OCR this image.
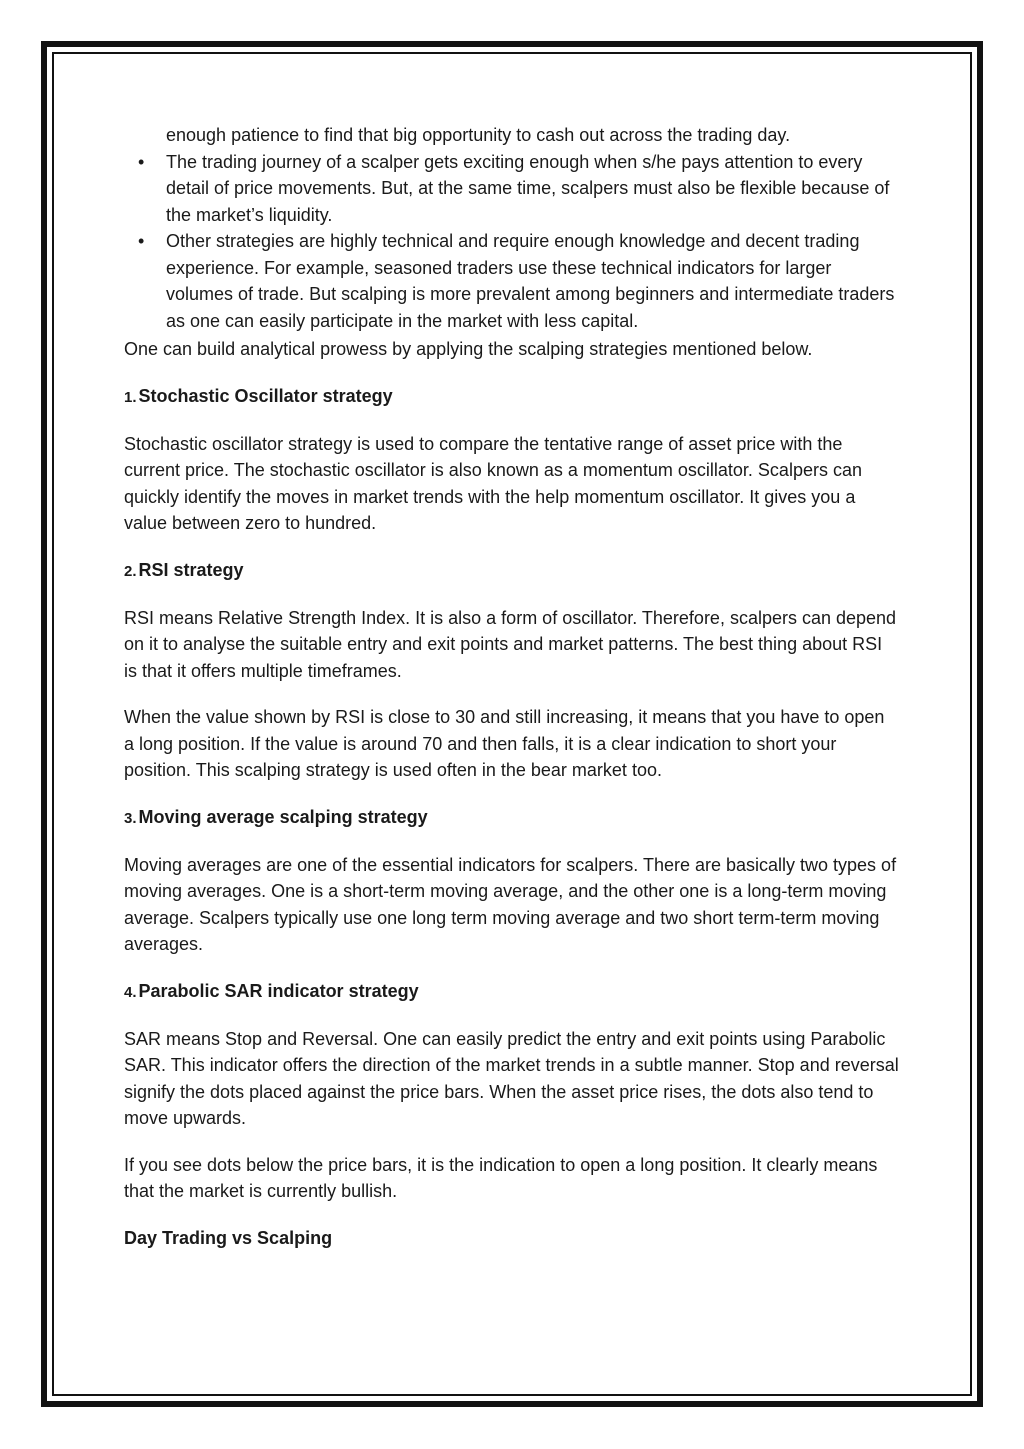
enough patience to find that big opportunity to cash out across the trading day.
• The trading journey of a scalper gets exciting enough when s/he pays attention to every detail of price movements. But, at the same time, scalpers must also be flexible because of the market’s liquidity.
• Other strategies are highly technical and require enough knowledge and decent trading experience. For example, seasoned traders use these technical indicators for larger volumes of trade. But scalping is more prevalent among beginners and intermediate traders as one can easily participate in the market with less capital.

One can build analytical prowess by applying the scalping strategies mentioned below.

1. Stochastic Oscillator strategy

Stochastic oscillator strategy is used to compare the tentative range of asset price with the current price. The stochastic oscillator is also known as a momentum oscillator. Scalpers can quickly identify the moves in market trends with the help momentum oscillator. It gives you a value between zero to hundred.

2. RSI strategy

RSI means Relative Strength Index. It is also a form of oscillator. Therefore, scalpers can depend on it to analyse the suitable entry and exit points and market patterns. The best thing about RSI is that it offers multiple timeframes.

When the value shown by RSI is close to 30 and still increasing, it means that you have to open a long position. If the value is around 70 and then falls, it is a clear indication to short your position. This scalping strategy is used often in the bear market too.

3. Moving average scalping strategy

Moving averages are one of the essential indicators for scalpers. There are basically two types of moving averages. One is a short-term moving average, and the other one is a long-term moving average. Scalpers typically use one long term moving average and two short term-term moving averages.

4. Parabolic SAR indicator strategy

SAR means Stop and Reversal. One can easily predict the entry and exit points using Parabolic SAR. This indicator offers the direction of the market trends in a subtle manner. Stop and reversal signify the dots placed against the price bars. When the asset price rises, the dots also tend to move upwards.

If you see dots below the price bars, it is the indication to open a long position. It clearly means that the market is currently bullish.

Day Trading vs Scalping
